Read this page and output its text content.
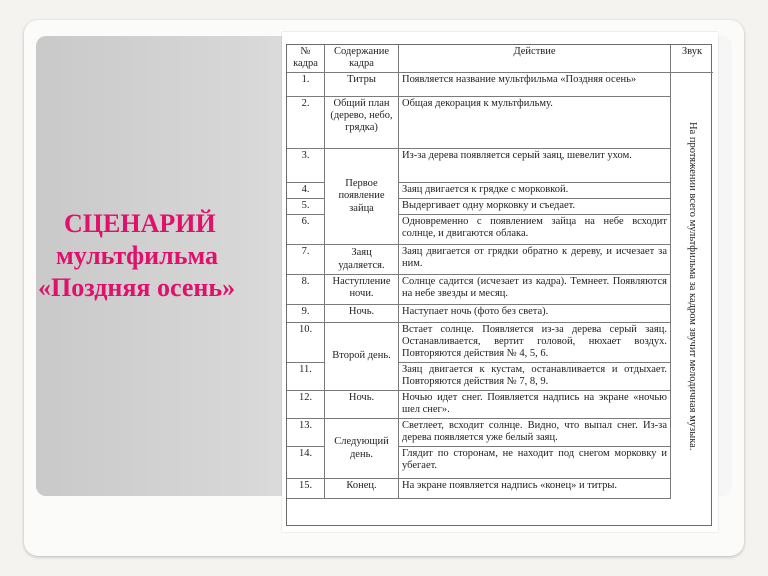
СЦЕНАРИЙ
мультфильма
«Поздняя осень»
№ кадра
Содержание кадра
Действие	Звук
1.
2.
3.
4.
5.
6.
7.
8.
9.
10.
11.
12.
13.
14.
15.
Титры
Общий план (дерево, небо, грядка)
Первое появление зайца
Заяц удаляется.
Наступление ночи.
Ночь.
Второй день.
Ночь.
Следующий день.
Конец.
Появляется название мультфильма «Поздняя осень»
Общая декорация к мультфильму.
Из-за дерева появляется серый заяц, шевелит ухом.
Заяц двигается к грядке с морковкой.
Выдергивает одну морковку и съедает.
Одновременно с появлением зайца на небе всходит солнце, и двигаются облака.
Заяц двигается от грядки обратно к дереву, и исчезает за ним.
Солнце садится (исчезает из кадра). Темнеет. Появляются на небе звезды и месяц.
Наступает ночь (фото без света).
Встает солнце. Появляется из-за дерева серый заяц. Останавливается, вертит головой, нюхает воздух. Повторяются действия № 4, 5, 6.
Заяц двигается к кустам, останавливается и отдыхает. Повторяются действия № 7, 8, 9.
Ночью идет снег. Появляется надпись на экране «ночью шел снег».
Светлеет, всходит солнце. Видно, что выпал снег. Из-за дерева появляется уже белый заяц.
Глядит по сторонам, не находит под снегом морковку и убегает.
На экране появляется надпись «конец» и титры.
На протяжении всего мультфильма за кадром звучит мелодичная музыка.
